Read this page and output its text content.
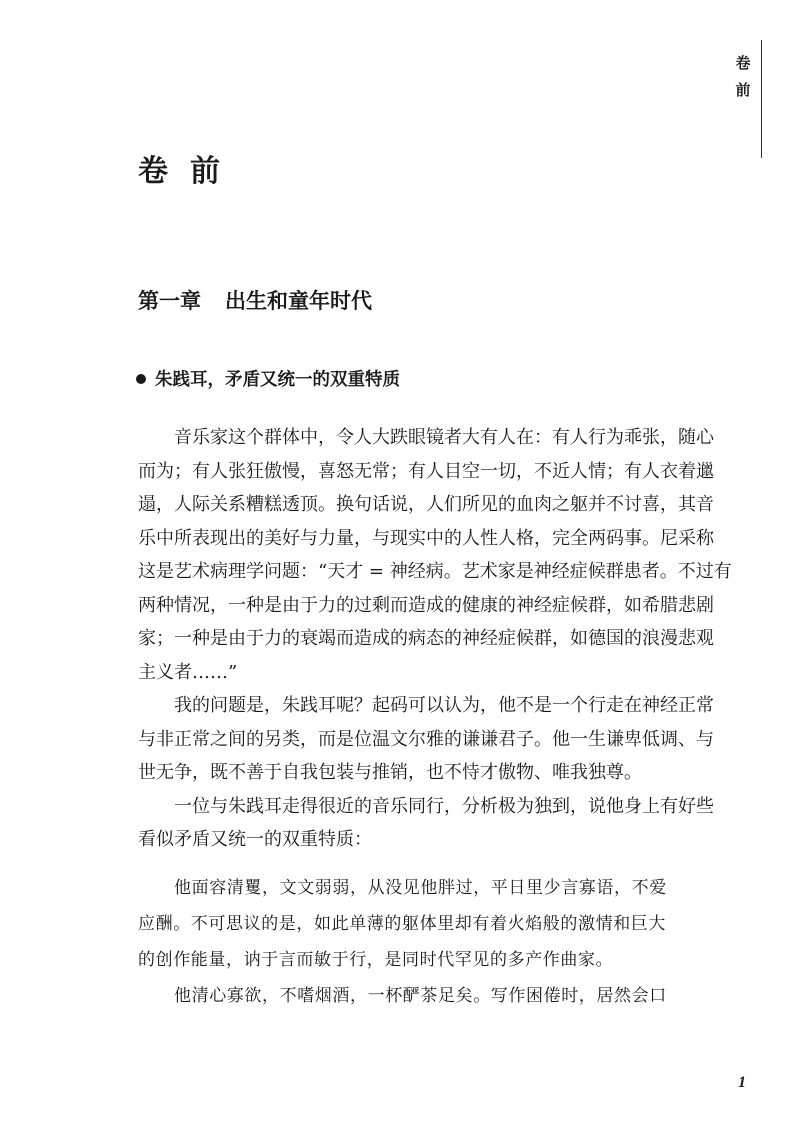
卷
前
卷前
第一章 出生和童年时代
朱践耳，矛盾又统一的双重特质

音乐家这个群体中，令人大跌眼镜者大有人在：有人行为乖张，随心
而为；有人张狂傲慢，喜怒无常；有人目空一切，不近人情；有人衣着邋
遢，人际关系糟糕透顶。换句话说，人们所见的血肉之躯并不讨喜，其音
乐中所表现出的美好与力量，与现实中的人性人格，完全两码事。尼采称
这是艺术病理学问题：“天才 = 神经病。艺术家是神经症候群患者。不过有
两种情况，一种是由于力的过剩而造成的健康的神经症候群，如希腊悲剧
家；一种是由于力的衰竭而造成的病态的神经症候群，如德国的浪漫悲观
主义者……”

我的问题是，朱践耳呢？起码可以认为，他不是一个行走在神经正常
与非正常之间的另类，而是位温文尔雅的谦谦君子。他一生谦卑低调、与
世无争，既不善于自我包装与推销，也不恃才傲物、唯我独尊。

一位与朱践耳走得很近的音乐同行，分析极为独到，说他身上有好些
看似矛盾又统一的双重特质：

他面容清矍，文文弱弱，从没见他胖过，平日里少言寡语，不爱
应酬。不可思议的是，如此单薄的躯体里却有着火焰般的激情和巨大
的创作能量，讷于言而敏于行，是同时代罕见的多产作曲家。
他清心寡欲，不嗜烟酒，一杯酽茶足矣。写作困倦时，居然会口
1
